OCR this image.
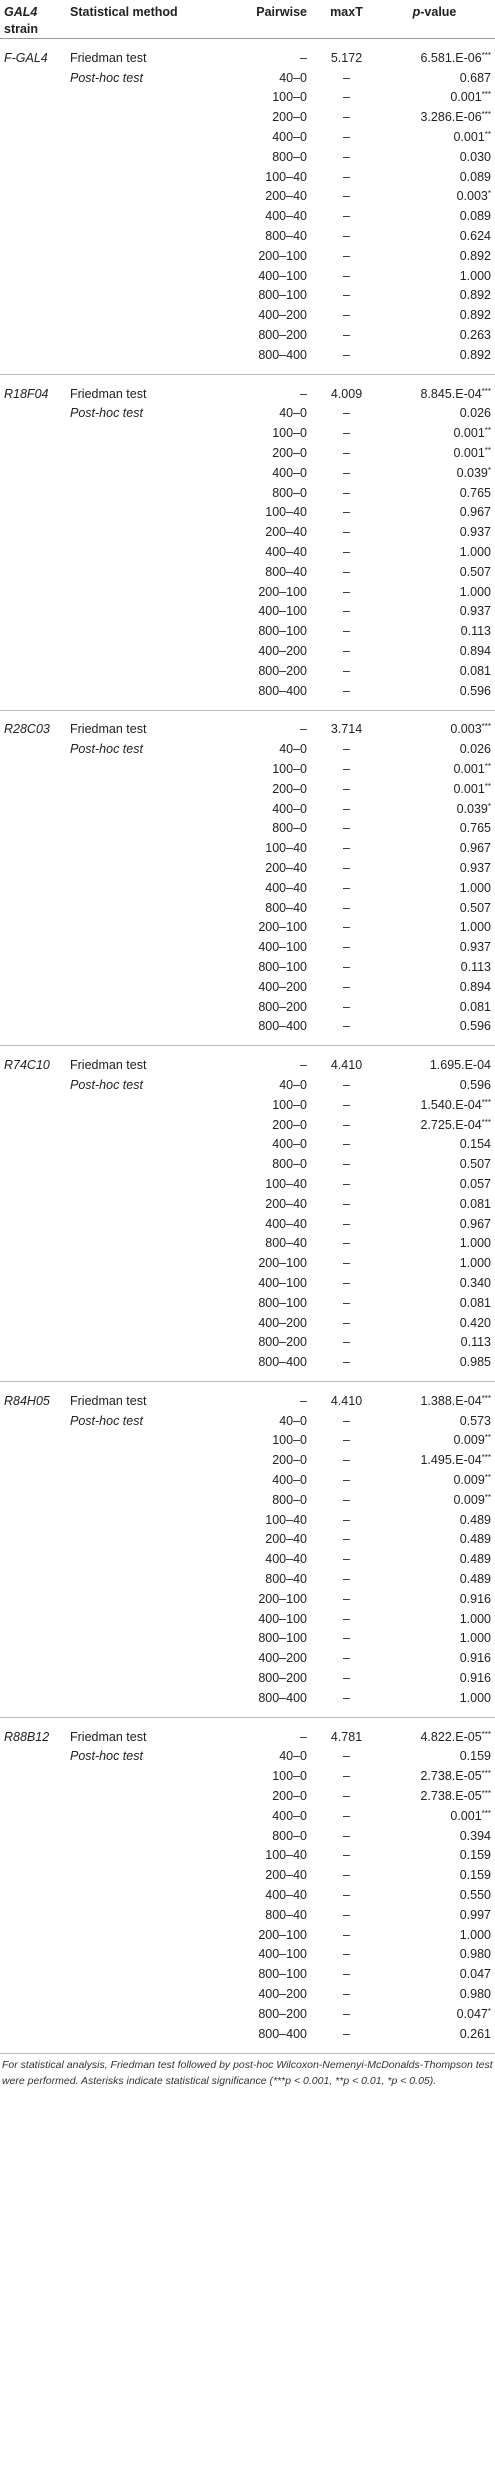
GAL4 strain	Statistical method	Pairwise	maxT	p-value
F-GAL4	Friedman test	–	5.172	6.581.E-06***
	Post-hoc test	40–0	–	0.687
		100–0	–	0.001***
		200–0	–	3.286.E-06***
		400–0	–	0.001**
		800–0	–	0.030
		100–40	–	0.089
		200–40	–	0.003*
		400–40	–	0.089
		800–40	–	0.624
		200–100	–	0.892
		400–100	–	1.000
		800–100	–	0.892
		400–200	–	0.892
		800–200	–	0.263
		800–400	–	0.892
R18F04	Friedman test	–	4.009	8.845.E-04***
	Post-hoc test	40–0	–	0.026
		100–0	–	0.001**
		200–0	–	0.001**
		400–0	–	0.039*
		800–0	–	0.765
		100–40	–	0.967
		200–40	–	0.937
		400–40	–	1.000
		800–40	–	0.507
		200–100	–	1.000
		400–100	–	0.937
		800–100	–	0.113
		400–200	–	0.894
		800–200	–	0.081
		800–400	–	0.596
R28C03	Friedman test	–	3.714	0.003***
	Post-hoc test	40–0	–	0.026
		100–0	–	0.001**
		200–0	–	0.001**
		400–0	–	0.039*
		800–0	–	0.765
		100–40	–	0.967
		200–40	–	0.937
		400–40	–	1.000
		800–40	–	0.507
		200–100	–	1.000
		400–100	–	0.937
		800–100	–	0.113
		400–200	–	0.894
		800–200	–	0.081
		800–400	–	0.596
R74C10	Friedman test	–	4.410	1.695.E-04
	Post-hoc test	40–0	–	0.596
		100–0	–	1.540.E-04***
		200–0	–	2.725.E-04***
		400–0	–	0.154
		800–0	–	0.507
		100–40	–	0.057
		200–40	–	0.081
		400–40	–	0.967
		800–40	–	1.000
		200–100	–	1.000
		400–100	–	0.340
		800–100	–	0.081
		400–200	–	0.420
		800–200	–	0.113
		800–400	–	0.985
R84H05	Friedman test	–	4.410	1.388.E-04***
	Post-hoc test	40–0	–	0.573
		100–0	–	0.009**
		200–0	–	1.495.E-04***
		400–0	–	0.009**
		800–0	–	0.009**
		100–40	–	0.489
		200–40	–	0.489
		400–40	–	0.489
		800–40	–	0.489
		200–100	–	0.916
		400–100	–	1.000
		800–100	–	1.000
		400–200	–	0.916
		800–200	–	0.916
		800–400	–	1.000
R88B12	Friedman test	–	4.781	4.822.E-05***
	Post-hoc test	40–0	–	0.159
		100–0	–	2.738.E-05***
		200–0	–	2.738.E-05***
		400–0	–	0.001***
		800–0	–	0.394
		100–40	–	0.159
		200–40	–	0.159
		400–40	–	0.550
		800–40	–	0.997
		200–100	–	1.000
		400–100	–	0.980
		800–100	–	0.047
		400–200	–	0.980
		800–200	–	0.047*
		800–400	–	0.261
For statistical analysis, Friedman test followed by post-hoc Wilcoxon-Nemenyi-McDonalds-Thompson test were performed. Asterisks indicate statistical significance (***p < 0.001, **p < 0.01, *p < 0.05).
